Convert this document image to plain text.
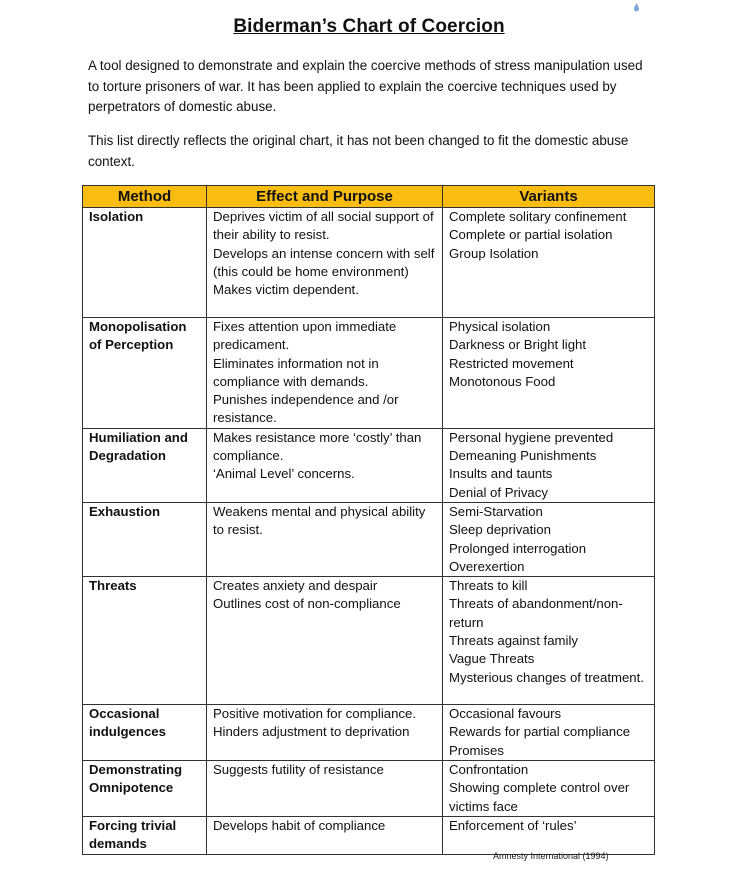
Biderman’s Chart of Coercion
A tool designed to demonstrate and explain the coercive methods of stress manipulation used to torture prisoners of war. It has been applied to explain the coercive techniques used by perpetrators of domestic abuse.
This list directly reflects the original chart, it has not been changed to fit the domestic abuse context.
Method	Effect and Purpose	Variants
Isolation	Deprives victim of all social support of their ability to resist.
Develops an intense concern with self (this could be home environment)
Makes victim dependent.	Complete solitary confinement
Complete or partial isolation
Group Isolation

Monopolisation of Perception	Fixes attention upon immediate predicament.
Eliminates information not in compliance with demands.
Punishes independence and /or resistance.	Physical isolation
Darkness or Bright light
Restricted movement
Monotonous Food

Humiliation and Degradation	Makes resistance more ‘costly’ than compliance.
‘Animal Level’ concerns.	Personal hygiene prevented
Demeaning Punishments
Insults and taunts
Denial of Privacy

Exhaustion	Weakens mental and physical ability to resist.	Semi-Starvation
Sleep deprivation
Prolonged interrogation
Overexertion

Threats	Creates anxiety and despair
Outlines cost of non-compliance	Threats to kill
Threats of abandonment/non-return
Threats against family
Vague Threats
Mysterious changes of treatment.

Occasional indulgences	Positive motivation for compliance.
Hinders adjustment to deprivation	Occasional favours
Rewards for partial compliance
Promises

Demonstrating Omnipotence	Suggests futility of resistance	Confrontation
Showing complete control over victims face

Forcing trivial demands	Develops habit of compliance	Enforcement of ‘rules’
Amnesty International (1994)
